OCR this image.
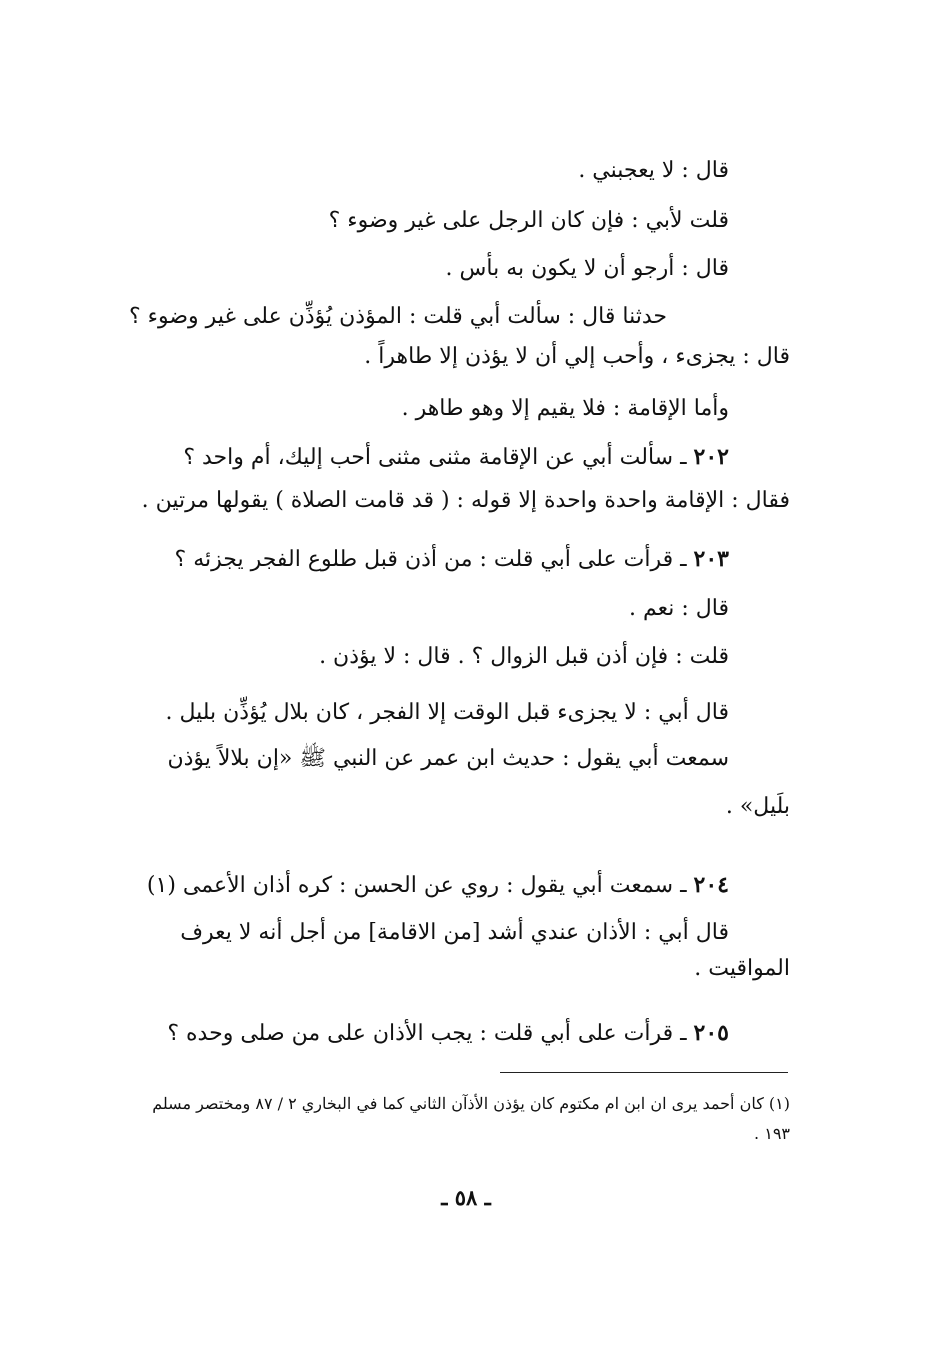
قال : لا يعجبني .
قلت لأبي : فإن كان الرجل على غير وضوء ؟
قال : أرجو أن لا يكون به بأس .
حدثنا قال : سألت أبي قلت : المؤذن يُؤذِّن على غير وضوء ؟
قال : يجزىء ، وأحب إلي أن لا يؤذن إلا طاهراً .
وأما الإقامة : فلا يقيم إلا وهو طاهر .
٢٠٢ ـ سألت أبي عن الإقامة مثنى مثنى أحب إليك، أم واحد ؟
فقال : الإقامة واحدة واحدة إلا قوله : ( قد قامت الصلاة ) يقولها مرتين .
٢٠٣ ـ قرأت على أبي قلت : من أذن قبل طلوع الفجر يجزئه ؟
قال : نعم .
قلت : فإن أذن قبل الزوال ؟ . قال : لا يؤذن .
قال أبي : لا يجزىء قبل الوقت إلا الفجر ، كان بلال يُؤذِّن بليل .
سمعت أبي يقول : حديث ابن عمر عن النبي ﷺ «إن بلالاً يؤذن
بلَيل» .
٢٠٤ ـ سمعت أبي يقول : روي عن الحسن : كره أذان الأعمى (١)
قال أبي : الأذان عندي أشد [من الاقامة] من أجل أنه لا يعرف
المواقيت .
٢٠٥ ـ قرأت على أبي قلت : يجب الأذان على من صلى وحده ؟
(١) كان أحمد يرى ان ابن ام مكتوم كان يؤذن الأذآن الثاني كما في البخاري ٢ / ٨٧ ومختصر مسلم
١٩٣ .
ـ ٥٨ ـ
